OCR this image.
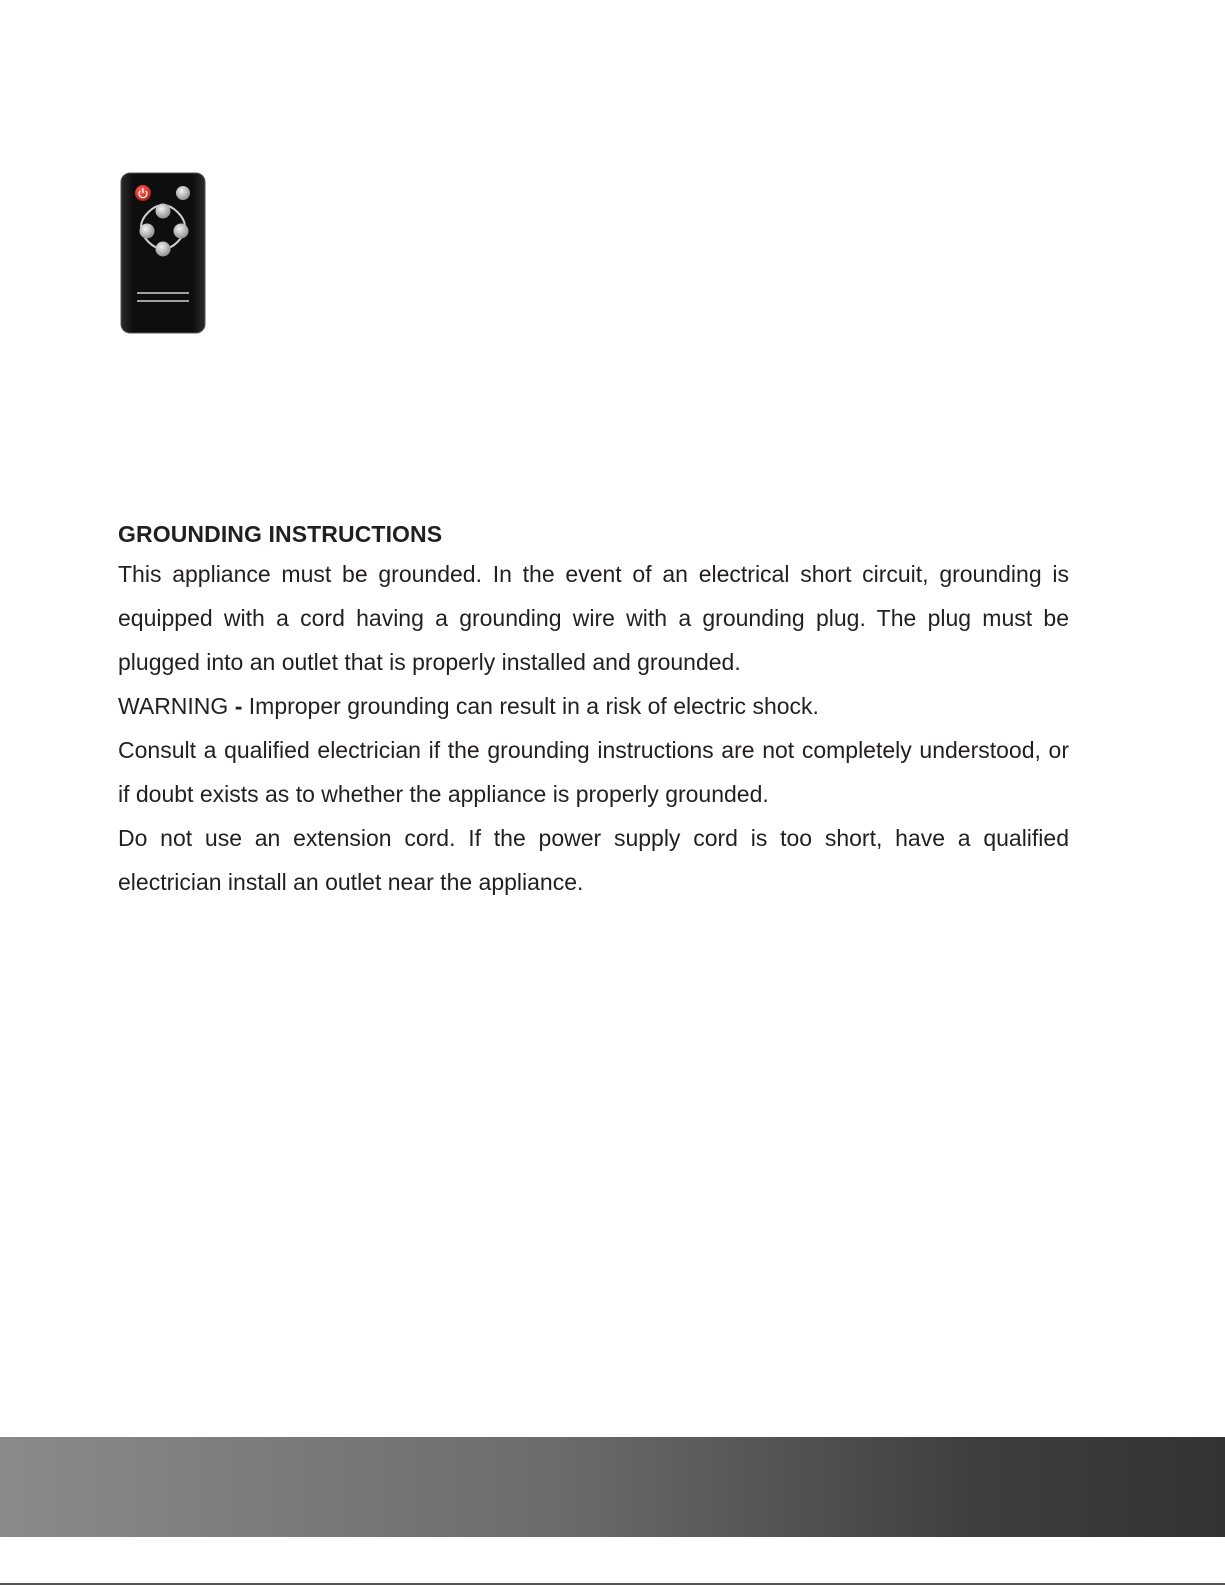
GROUNDING INSTRUCTIONS

This appliance must be grounded. In the event of an electrical short circuit, grounding is equipped with a cord having a grounding wire with a grounding plug. The plug must be plugged into an outlet that is properly installed and grounded.

WARNING - Improper grounding can result in a risk of electric shock.

Consult a qualified electrician if the grounding instructions are not completely understood, or if doubt exists as to whether the appliance is properly grounded.

Do not use an extension cord. If the power supply cord is too short, have a qualified electrician install an outlet near the appliance.
